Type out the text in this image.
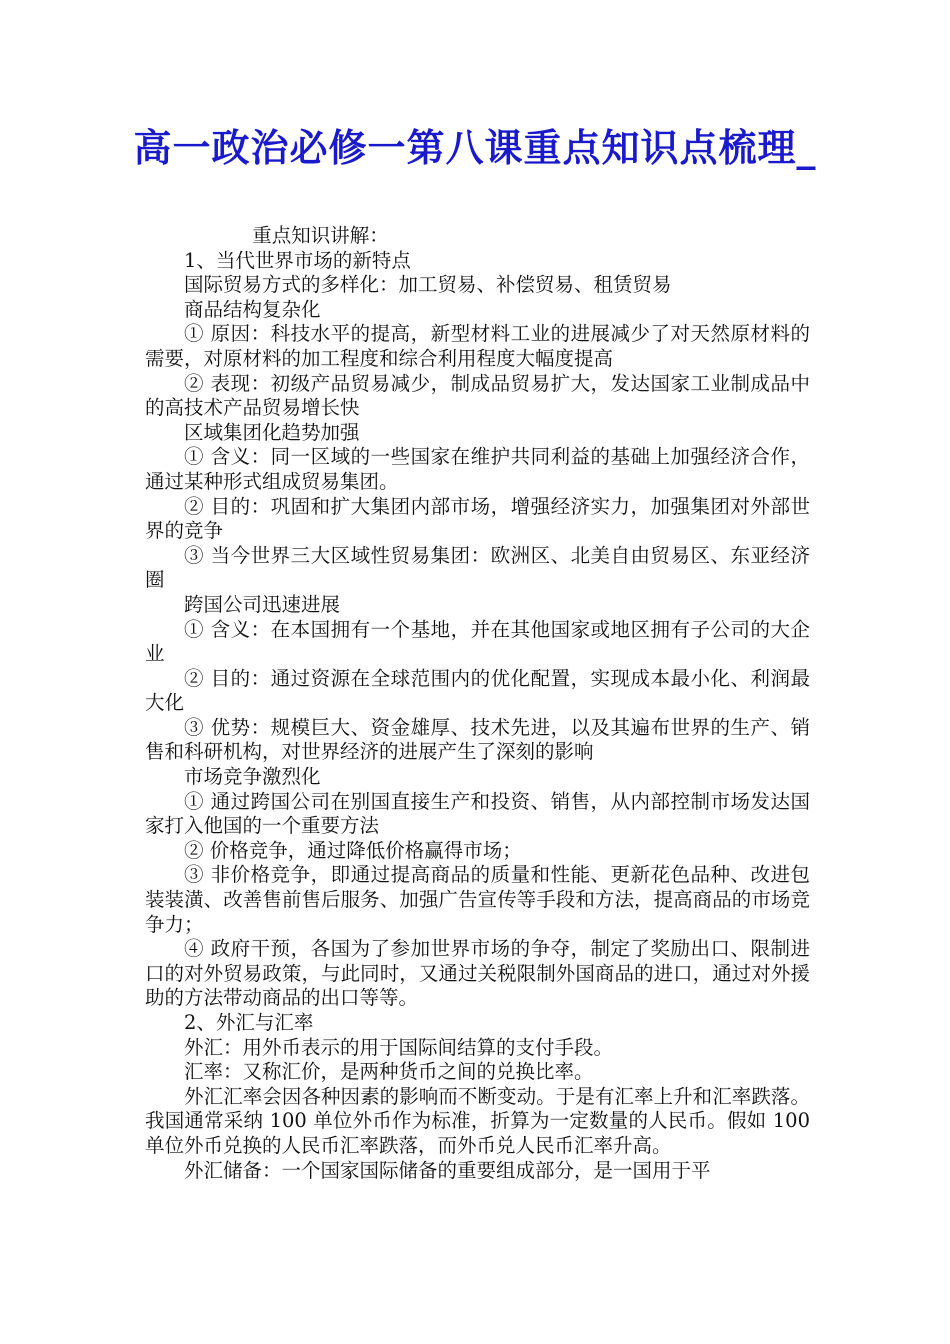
高一政治必修一第八课重点知识点梳理_

重点知识讲解：

1、当代世界市场的新特点

国际贸易方式的多样化：加工贸易、补偿贸易、租赁贸易

商品结构复杂化

① 原因：科技水平的提高，新型材料工业的进展减少了对天然原材料的需要，对原材料的加工程度和综合利用程度大幅度提高

② 表现：初级产品贸易减少，制成品贸易扩大，发达国家工业制成品中的高技术产品贸易增长快

区域集团化趋势加强

① 含义：同一区域的一些国家在维护共同利益的基础上加强经济合作，通过某种形式组成贸易集团。

② 目的：巩固和扩大集团内部市场，增强经济实力，加强集团对外部世界的竞争

③ 当今世界三大区域性贸易集团：欧洲区、北美自由贸易区、东亚经济圈

跨国公司迅速进展

① 含义：在本国拥有一个基地，并在其他国家或地区拥有子公司的大企业

② 目的：通过资源在全球范围内的优化配置，实现成本最小化、利润最大化

③ 优势：规模巨大、资金雄厚、技术先进，以及其遍布世界的生产、销售和科研机构，对世界经济的进展产生了深刻的影响

市场竞争激烈化

① 通过跨国公司在别国直接生产和投资、销售，从内部控制市场发达国家打入他国的一个重要方法

② 价格竞争，通过降低价格赢得市场；

③ 非价格竞争，即通过提高商品的质量和性能、更新花色品种、改进包装装潢、改善售前售后服务、加强广告宣传等手段和方法，提高商品的市场竞争力；

④ 政府干预，各国为了参加世界市场的争夺，制定了奖励出口、限制进口的对外贸易政策，与此同时，又通过关税限制外国商品的进口，通过对外援助的方法带动商品的出口等等。

2、外汇与汇率

外汇：用外币表示的用于国际间结算的支付手段。

汇率：又称汇价，是两种货币之间的兑换比率。

外汇汇率会因各种因素的影响而不断变动。于是有汇率上升和汇率跌落。我国通常采纳 100 单位外币作为标准，折算为一定数量的人民币。假如 100 单位外币兑换的人民币汇率跌落，而外币兑人民币汇率升高。

外汇储备：一个国家国际储备的重要组成部分，是一国用于平
